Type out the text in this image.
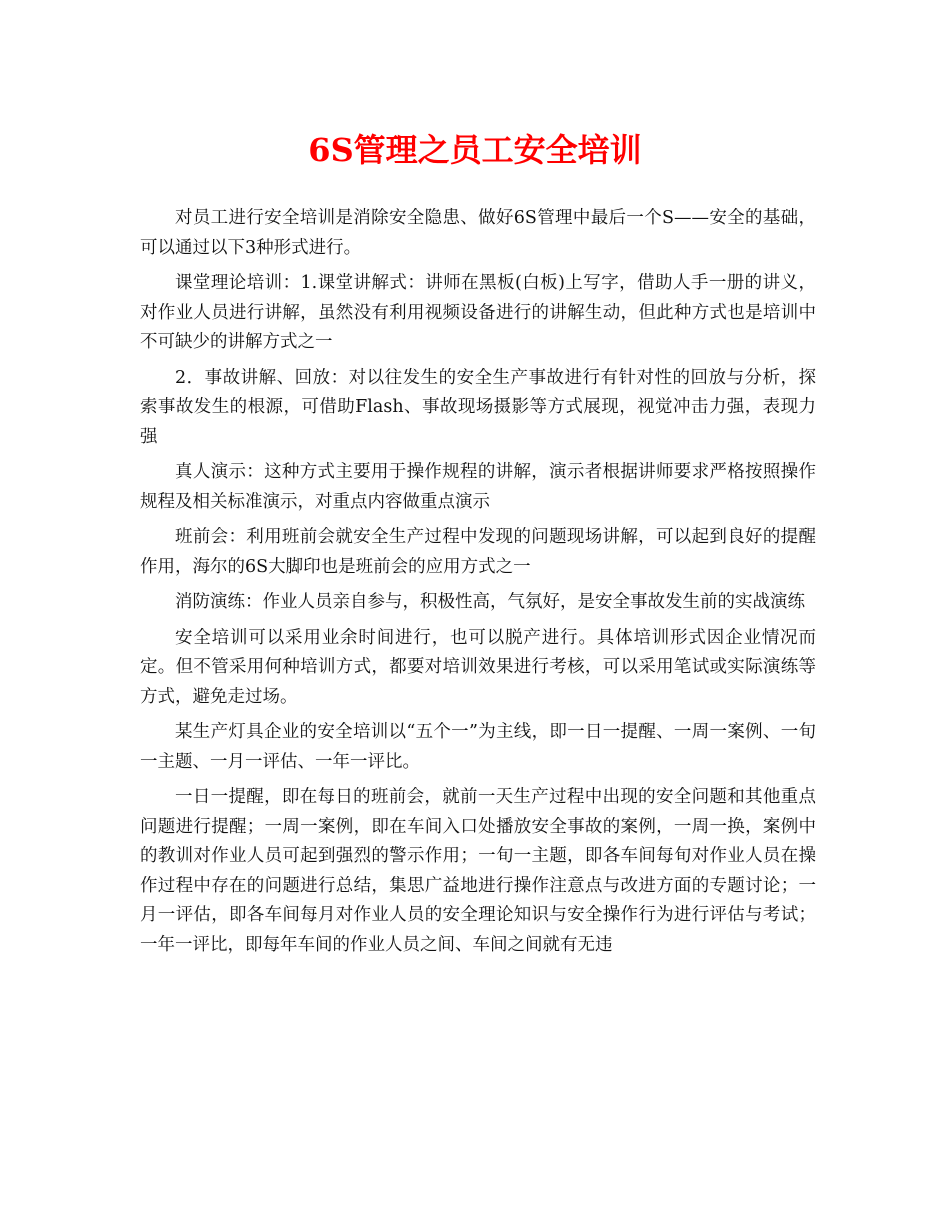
6S管理之员工安全培训

对员工进行安全培训是消除安全隐患、做好6S管理中最后一个S——安全的基础，可以通过以下3种形式进行。

课堂理论培训：1.课堂讲解式：讲师在黑板(白板)上写字，借助人手一册的讲义，对作业人员进行讲解，虽然没有利用视频设备进行的讲解生动，但此种方式也是培训中不可缺少的讲解方式之一

2．事故讲解、回放：对以往发生的安全生产事故进行有针对性的回放与分析，探索事故发生的根源，可借助Flash、事故现场摄影等方式展现，视觉冲击力强，表现力强

真人演示：这种方式主要用于操作规程的讲解，演示者根据讲师要求严格按照操作规程及相关标准演示，对重点内容做重点演示

班前会：利用班前会就安全生产过程中发现的问题现场讲解，可以起到良好的提醒作用，海尔的6S大脚印也是班前会的应用方式之一

消防演练：作业人员亲自参与，积极性高，气氛好，是安全事故发生前的实战演练

安全培训可以采用业余时间进行，也可以脱产进行。具体培训形式因企业情况而定。但不管采用何种培训方式，都要对培训效果进行考核，可以采用笔试或实际演练等方式，避免走过场。

某生产灯具企业的安全培训以“五个一”为主线，即一日一提醒、一周一案例、一旬一主题、一月一评估、一年一评比。

一日一提醒，即在每日的班前会，就前一天生产过程中出现的安全问题和其他重点问题进行提醒；一周一案例，即在车间入口处播放安全事故的案例，一周一换，案例中的教训对作业人员可起到强烈的警示作用；一旬一主题，即各车间每旬对作业人员在操作过程中存在的问题进行总结，集思广益地进行操作注意点与改进方面的专题讨论；一月一评估，即各车间每月对作业人员的安全理论知识与安全操作行为进行评估与考试；一年一评比，即每年车间的作业人员之间、车间之间就有无违
